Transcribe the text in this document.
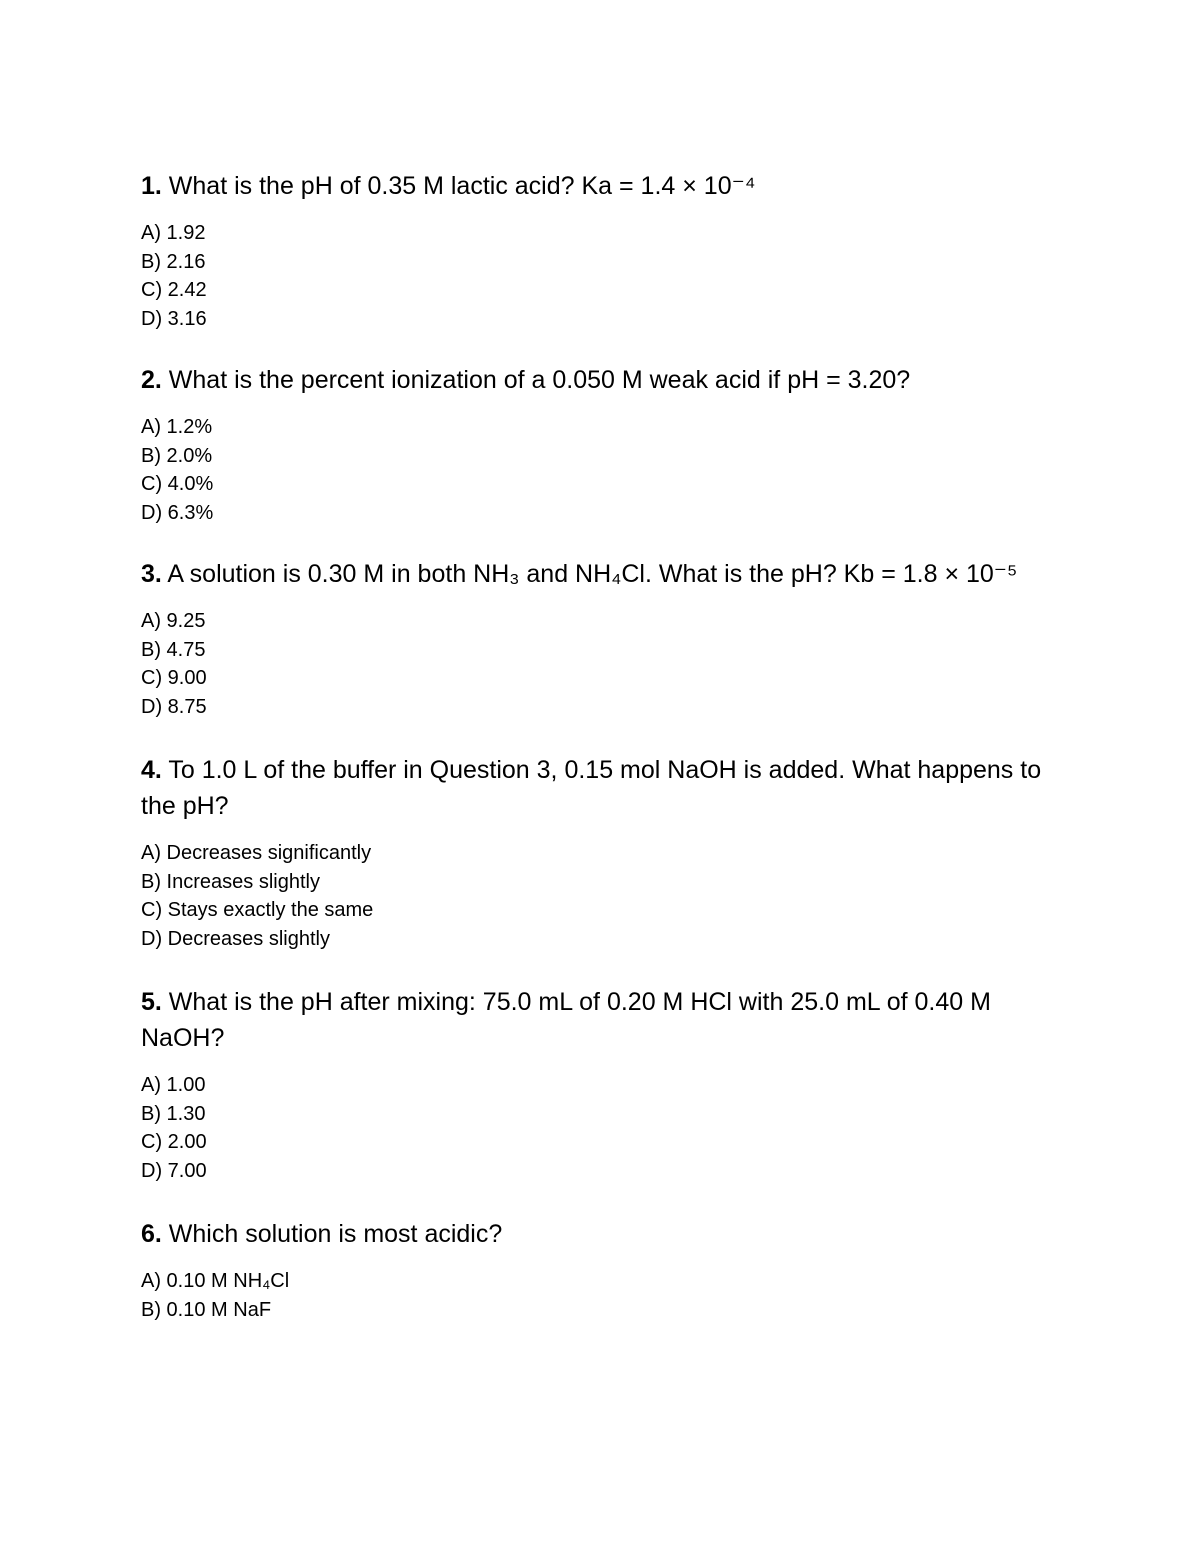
1. What is the pH of 0.35 M lactic acid? Ka = 1.4 × 10⁻⁴

A) 1.92
B) 2.16
C) 2.42
D) 3.16

2. What is the percent ionization of a 0.050 M weak acid if pH = 3.20?

A) 1.2%
B) 2.0%
C) 4.0%
D) 6.3%

3. A solution is 0.30 M in both NH₃ and NH₄Cl. What is the pH? Kb = 1.8 × 10⁻⁵

A) 9.25
B) 4.75
C) 9.00
D) 8.75

4. To 1.0 L of the buffer in Question 3, 0.15 mol NaOH is added. What happens to the pH?

A) Decreases significantly
B) Increases slightly
C) Stays exactly the same
D) Decreases slightly

5. What is the pH after mixing: 75.0 mL of 0.20 M HCl with 25.0 mL of 0.40 M NaOH?

A) 1.00
B) 1.30
C) 2.00
D) 7.00

6. Which solution is most acidic?

A) 0.10 M NH₄Cl
B) 0.10 M NaF
